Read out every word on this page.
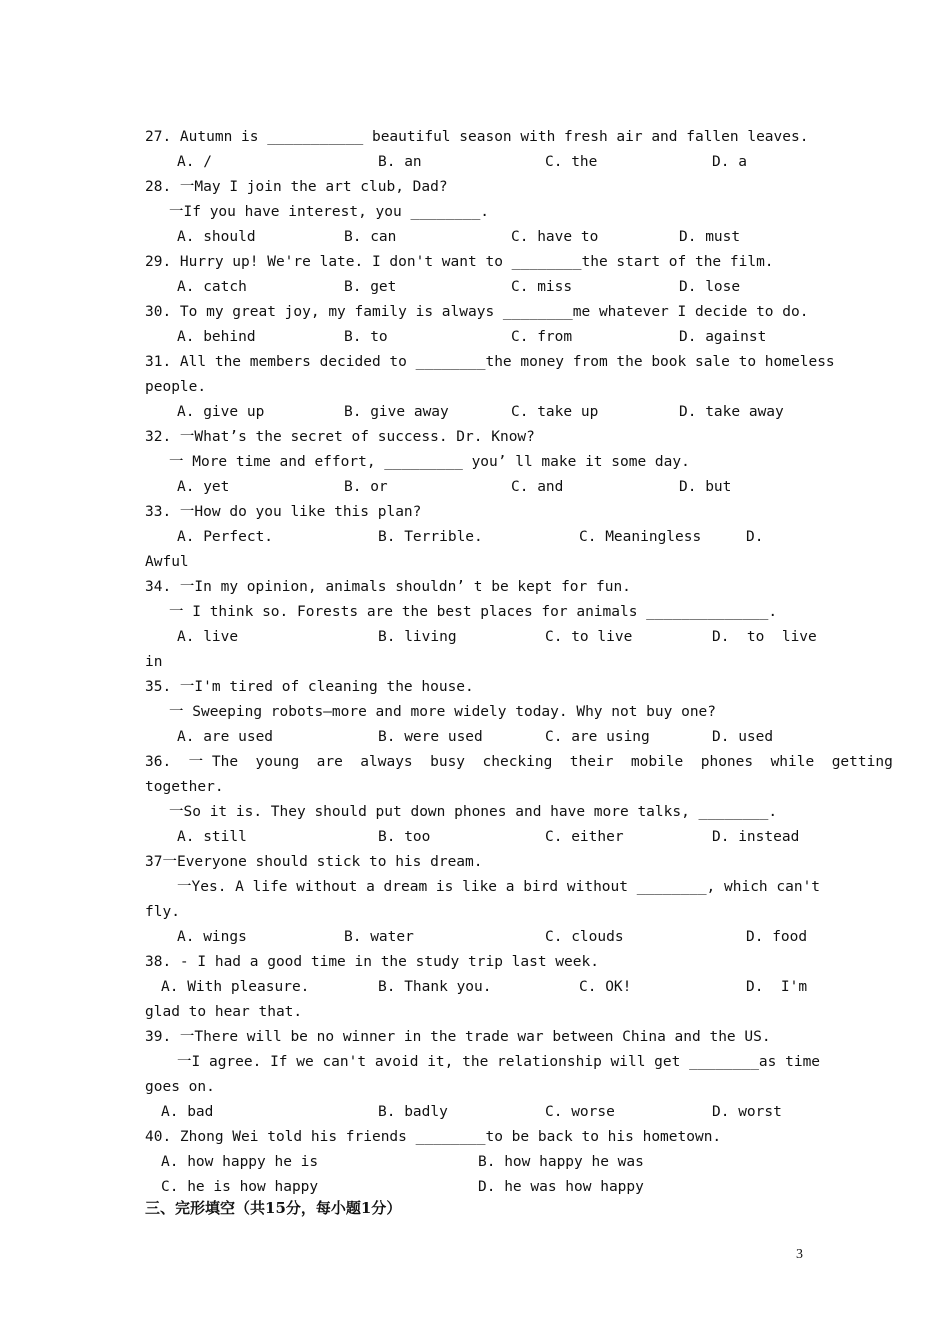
27. Autumn is ___________ beautiful season with fresh air and fallen leaves.
A. /	B. an	C. the	D. a
28. 一May I join the art club, Dad?
一If you have interest, you ________.
A. should	B. can	C. have to	D. must
29. Hurry up! We're late. I don't want to ________the start of the film.
A. catch	B. get	C. miss	D. lose
30. To my great joy, my family is always ________me whatever I decide to do.
A. behind	B. to	C. from	D. against
31. All the members decided to ________the money from the book sale to homeless
people.
A. give up	B. give away	C. take up	D. take away
32. 一What’s the secret of success. Dr. Know?
一 More time and effort, _________ you’ ll make it some day.
A. yet	B. or	C. and	D. but
33. 一How do you like this plan?
A. Perfect.	B. Terrible.	C. Meaningless	D.
Awful
34. 一In my opinion, animals shouldn’ t be kept for fun.
一 I think so. Forests are the best places for animals ______________.
A. live	B. living	C. to live	D.  to  live
in
35. 一I'm tired of cleaning the house.
一 Sweeping robots—more and more widely today. Why not buy one?
A. are used	B. were used	C. are using	D. used
36.  一 The  young  are  always  busy  checking  their  mobile  phones  while  getting
together.
一So it is. They should put down phones and have more talks, ________.
A. still	B. too	C. either	D. instead
37一Everyone should stick to his dream.
一Yes. A life without a dream is like a bird without ________, which can't
fly.
A. wings	B. water	C. clouds	D. food
38. - I had a good time in the study trip last week.
A. With pleasure.	B. Thank you.	C. OK!	D.  I'm
glad to hear that.
39. 一There will be no winner in the trade war between China and the US.
一I agree. If we can't avoid it, the relationship will get ________as time
goes on.
A. bad	B. badly	C. worse	D. worst
40. Zhong Wei told his friends ________to be back to his hometown.
A. how happy he is	B. how happy he was
C. he is how happy	D. he was how happy
三、完形填空（共15分，每小题1分）
3
